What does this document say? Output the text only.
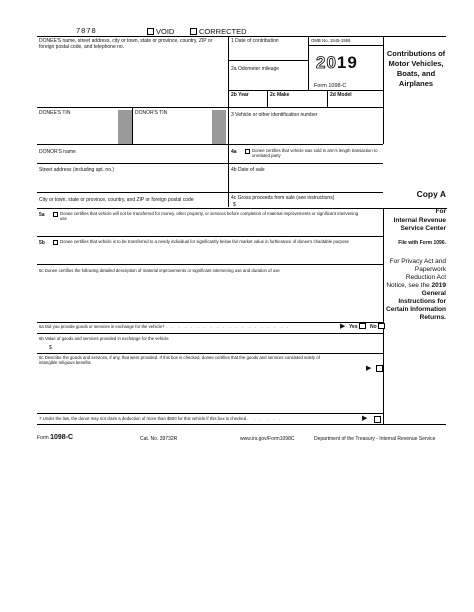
7878	VOID	CORRECTED
DONEE'S name, street address, city or town, state or province, country, ZIP or foreign postal code, and telephone no.
1 Date of contribution	OMB No. 1545-1959
2019
2a Odometer mileage
Form 1098-C
2b Year	2c Make	2d Model
DONEE'S TIN	DONOR'S TIN	3 Vehicle or other identification number
DONOR'S name	4a	Donee certifies that vehicle was sold in arm's length transaction to unrelated party
Street address (including apt. no.)	4b Date of sale
City or town, state or province, country, and ZIP or foreign postal code	4c Gross proceeds from sale (see instructions)
$
5a	Donee certifies that vehicle will not be transferred for money, other property, or services before completion of material improvements or significant intervening use
5b	Donee certifies that vehicle is to be transferred to a needy individual for significantly below fair market value in furtherance of donee's charitable purpose
5c Donee certifies the following detailed description of material improvements or significant intervening use and duration of use
6a Did you provide goods or services in exchange for the vehicle? . . . . . . . . . . . . . . . . . . . .	▶ Yes No
6b Value of goods and services provided in exchange for the vehicle
$
6c Describe the goods and services, if any, that were provided. If this box is checked, donee certifies that the goods and services consisted solely of intangible religious benefits
▶
7 Under the law, the donor may not claim a deduction of more than $500 for this vehicle if this box is checked . . . . . .	▶
Form 1098-C	Cat. No. 39732R	www.irs.gov/Form1098C	Department of the Treasury - Internal Revenue Service
Contributions of Motor Vehicles, Boats, and Airplanes
Copy A
For
Internal Revenue Service Center
File with Form 1096.
For Privacy Act and Paperwork Reduction Act Notice, see the 2019 General Instructions for Certain Information Returns.
